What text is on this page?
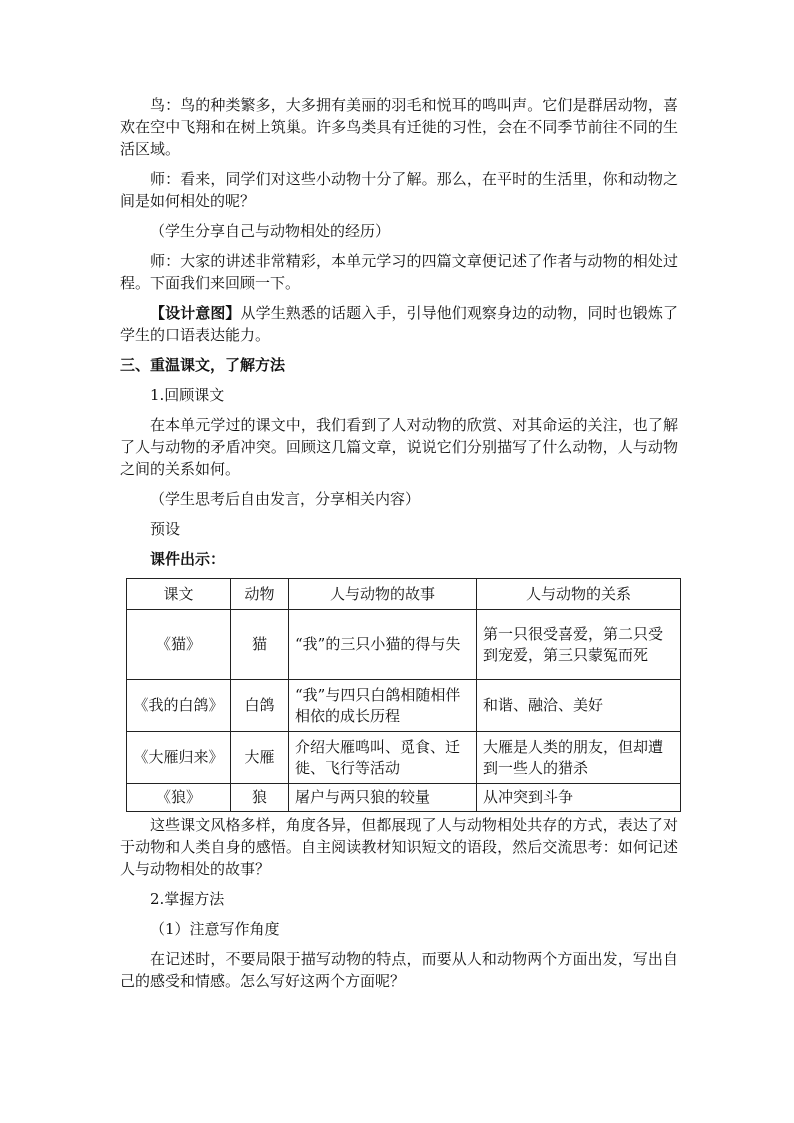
鸟：鸟的种类繁多，大多拥有美丽的羽毛和悦耳的鸣叫声。它们是群居动物，喜欢在空中飞翔和在树上筑巢。许多鸟类具有迁徙的习性，会在不同季节前往不同的生活区域。

师：看来，同学们对这些小动物十分了解。那么，在平时的生活里，你和动物之间是如何相处的呢？

（学生分享自己与动物相处的经历）

师：大家的讲述非常精彩，本单元学习的四篇文章便记述了作者与动物的相处过程。下面我们来回顾一下。

【设计意图】从学生熟悉的话题入手，引导他们观察身边的动物，同时也锻炼了学生的口语表达能力。

三、重温课文，了解方法

1.回顾课文

在本单元学过的课文中，我们看到了人对动物的欣赏、对其命运的关注，也了解了人与动物的矛盾冲突。回顾这几篇文章，说说它们分别描写了什么动物，人与动物之间的关系如何。

（学生思考后自由发言，分享相关内容）

预设

课件出示：

课文	动物	人与动物的故事	人与动物的关系
《猫》	猫	“我”的三只小猫的得与失	第一只很受喜爱，第二只受到宠爱，第三只蒙冤而死
《我的白鸽》	白鸽	“我”与四只白鸽相随相伴相依的成长历程	和谐、融洽、美好
《大雁归来》	大雁	介绍大雁鸣叫、觅食、迁徙、飞行等活动	大雁是人类的朋友，但却遭到一些人的猎杀
《狼》	狼	屠户与两只狼的较量	从冲突到斗争

这些课文风格多样，角度各异，但都展现了人与动物相处共存的方式，表达了对于动物和人类自身的感悟。自主阅读教材知识短文的语段，然后交流思考：如何记述人与动物相处的故事？

2.掌握方法

（1）注意写作角度

在记述时，不要局限于描写动物的特点，而要从人和动物两个方面出发，写出自己的感受和情感。怎么写好这两个方面呢？
